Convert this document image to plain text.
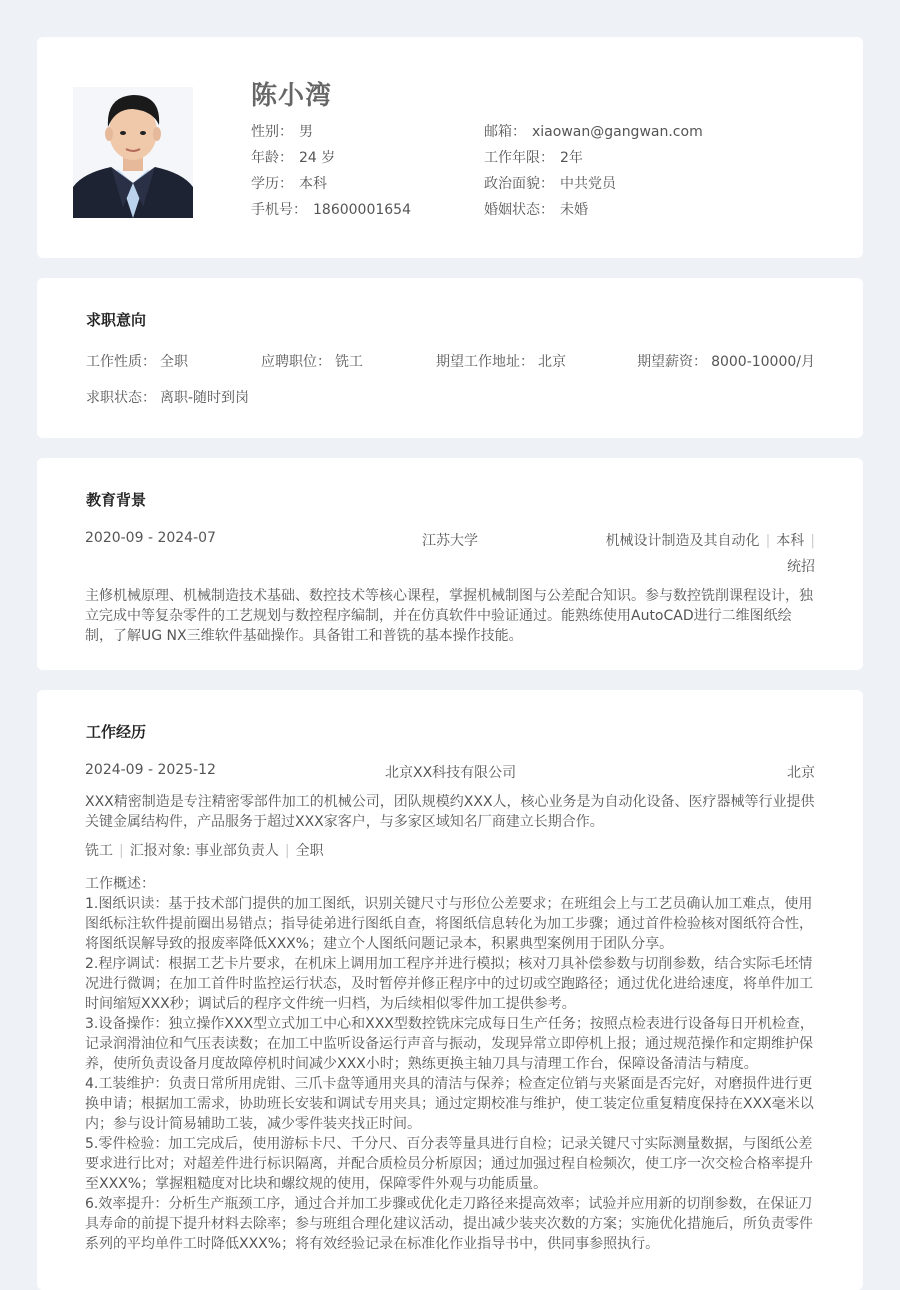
陈小湾
性别： 男	邮箱： xiaowan@gangwan.com
年龄： 24 岁	工作年限： 2年
学历： 本科	政治面貌： 中共党员
手机号： 18600001654	婚姻状态： 未婚
求职意向
工作性质： 全职	应聘职位： 铣工	期望工作地址： 北京	期望薪资： 8000-10000/月
求职状态： 离职-随时到岗
教育背景
2020-09 - 2024-07	江苏大学	机械设计制造及其自动化 | 本科 |
统招
主修机械原理、机械制造技术基础、数控技术等核心课程，掌握机械制图与公差配合知识。参与数控铣削课程设计，独
立完成中等复杂零件的工艺规划与数控程序编制，并在仿真软件中验证通过。能熟练使用AutoCAD进行二维图纸绘
制，了解UG NX三维软件基础操作。具备钳工和普铣的基本操作技能。
工作经历
2024-09 - 2025-12	北京XX科技有限公司	北京
XXX精密制造是专注精密零部件加工的机械公司，团队规模约XXX人，核心业务是为自动化设备、医疗器械等行业提供
关键金属结构件，产品服务于超过XXX家客户，与多家区域知名厂商建立长期合作。
铣工 | 汇报对象: 事业部负责人 | 全职
工作概述：
1.图纸识读：基于技术部门提供的加工图纸，识别关键尺寸与形位公差要求；在班组会上与工艺员确认加工难点，使用
图纸标注软件提前圈出易错点；指导徒弟进行图纸自查，将图纸信息转化为加工步骤；通过首件检验核对图纸符合性，
将图纸误解导致的报废率降低XXX%；建立个人图纸问题记录本，积累典型案例用于团队分享。
2.程序调试：根据工艺卡片要求，在机床上调用加工程序并进行模拟；核对刀具补偿参数与切削参数，结合实际毛坯情
况进行微调；在加工首件时监控运行状态，及时暂停并修正程序中的过切或空跑路径；通过优化进给速度，将单件加工
时间缩短XXX秒；调试后的程序文件统一归档，为后续相似零件加工提供参考。
3.设备操作：独立操作XXX型立式加工中心和XXX型数控铣床完成每日生产任务；按照点检表进行设备每日开机检查，
记录润滑油位和气压表读数；在加工中监听设备运行声音与振动，发现异常立即停机上报；通过规范操作和定期维护保
养，使所负责设备月度故障停机时间减少XXX小时；熟练更换主轴刀具与清理工作台，保障设备清洁与精度。
4.工装维护：负责日常所用虎钳、三爪卡盘等通用夹具的清洁与保养；检查定位销与夹紧面是否完好，对磨损件进行更
换申请；根据加工需求，协助班长安装和调试专用夹具；通过定期校准与维护，使工装定位重复精度保持在XXX毫米以
内；参与设计简易辅助工装，减少零件装夹找正时间。
5.零件检验：加工完成后，使用游标卡尺、千分尺、百分表等量具进行自检；记录关键尺寸实际测量数据，与图纸公差
要求进行比对；对超差件进行标识隔离，并配合质检员分析原因；通过加强过程自检频次，使工序一次交检合格率提升
至XXX%；掌握粗糙度对比块和螺纹规的使用，保障零件外观与功能质量。
6.效率提升：分析生产瓶颈工序，通过合并加工步骤或优化走刀路径来提高效率；试验并应用新的切削参数，在保证刀
具寿命的前提下提升材料去除率；参与班组合理化建议活动，提出减少装夹次数的方案；实施优化措施后，所负责零件
系列的平均单件工时降低XXX%；将有效经验记录在标准化作业指导书中，供同事参照执行。
